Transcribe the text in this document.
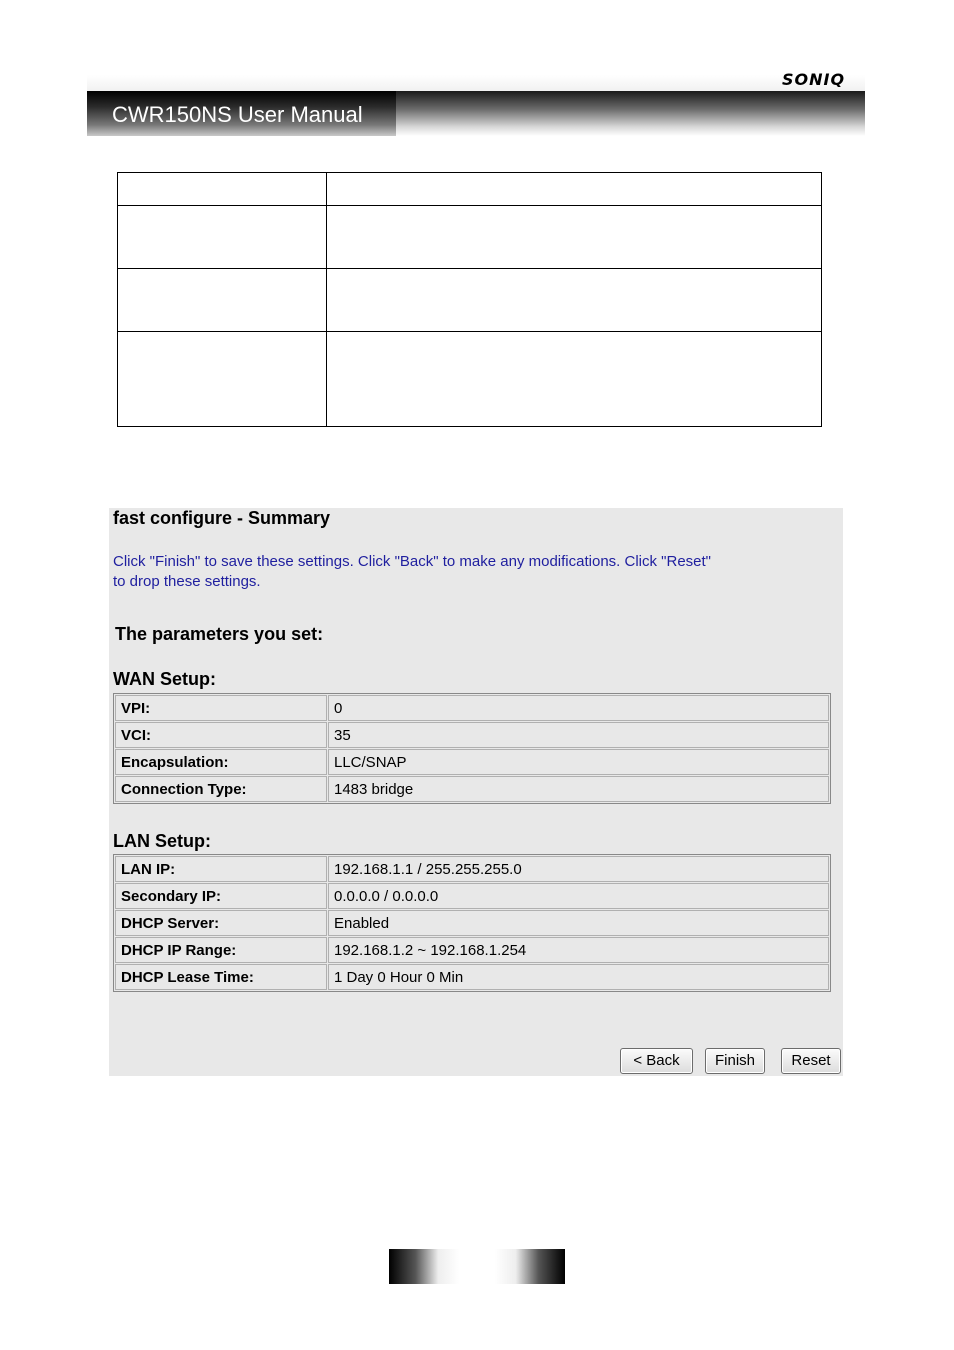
SONIQ
CWR150NS User Manual

fast configure - Summary
Click "Finish" to save these settings. Click "Back" to make any modifications. Click "Reset" to drop these settings.
The parameters you set:
WAN Setup:
VPI:	0
VCI:	35
Encapsulation:	LLC/SNAP
Connection Type:	1483 bridge
LAN Setup:
LAN IP:	192.168.1.1 / 255.255.255.0
Secondary IP:	0.0.0.0 / 0.0.0.0
DHCP Server:	Enabled
DHCP IP Range:	192.168.1.2 ~ 192.168.1.254
DHCP Lease Time:	1 Day 0 Hour 0 Min
< Back	Finish	Reset
